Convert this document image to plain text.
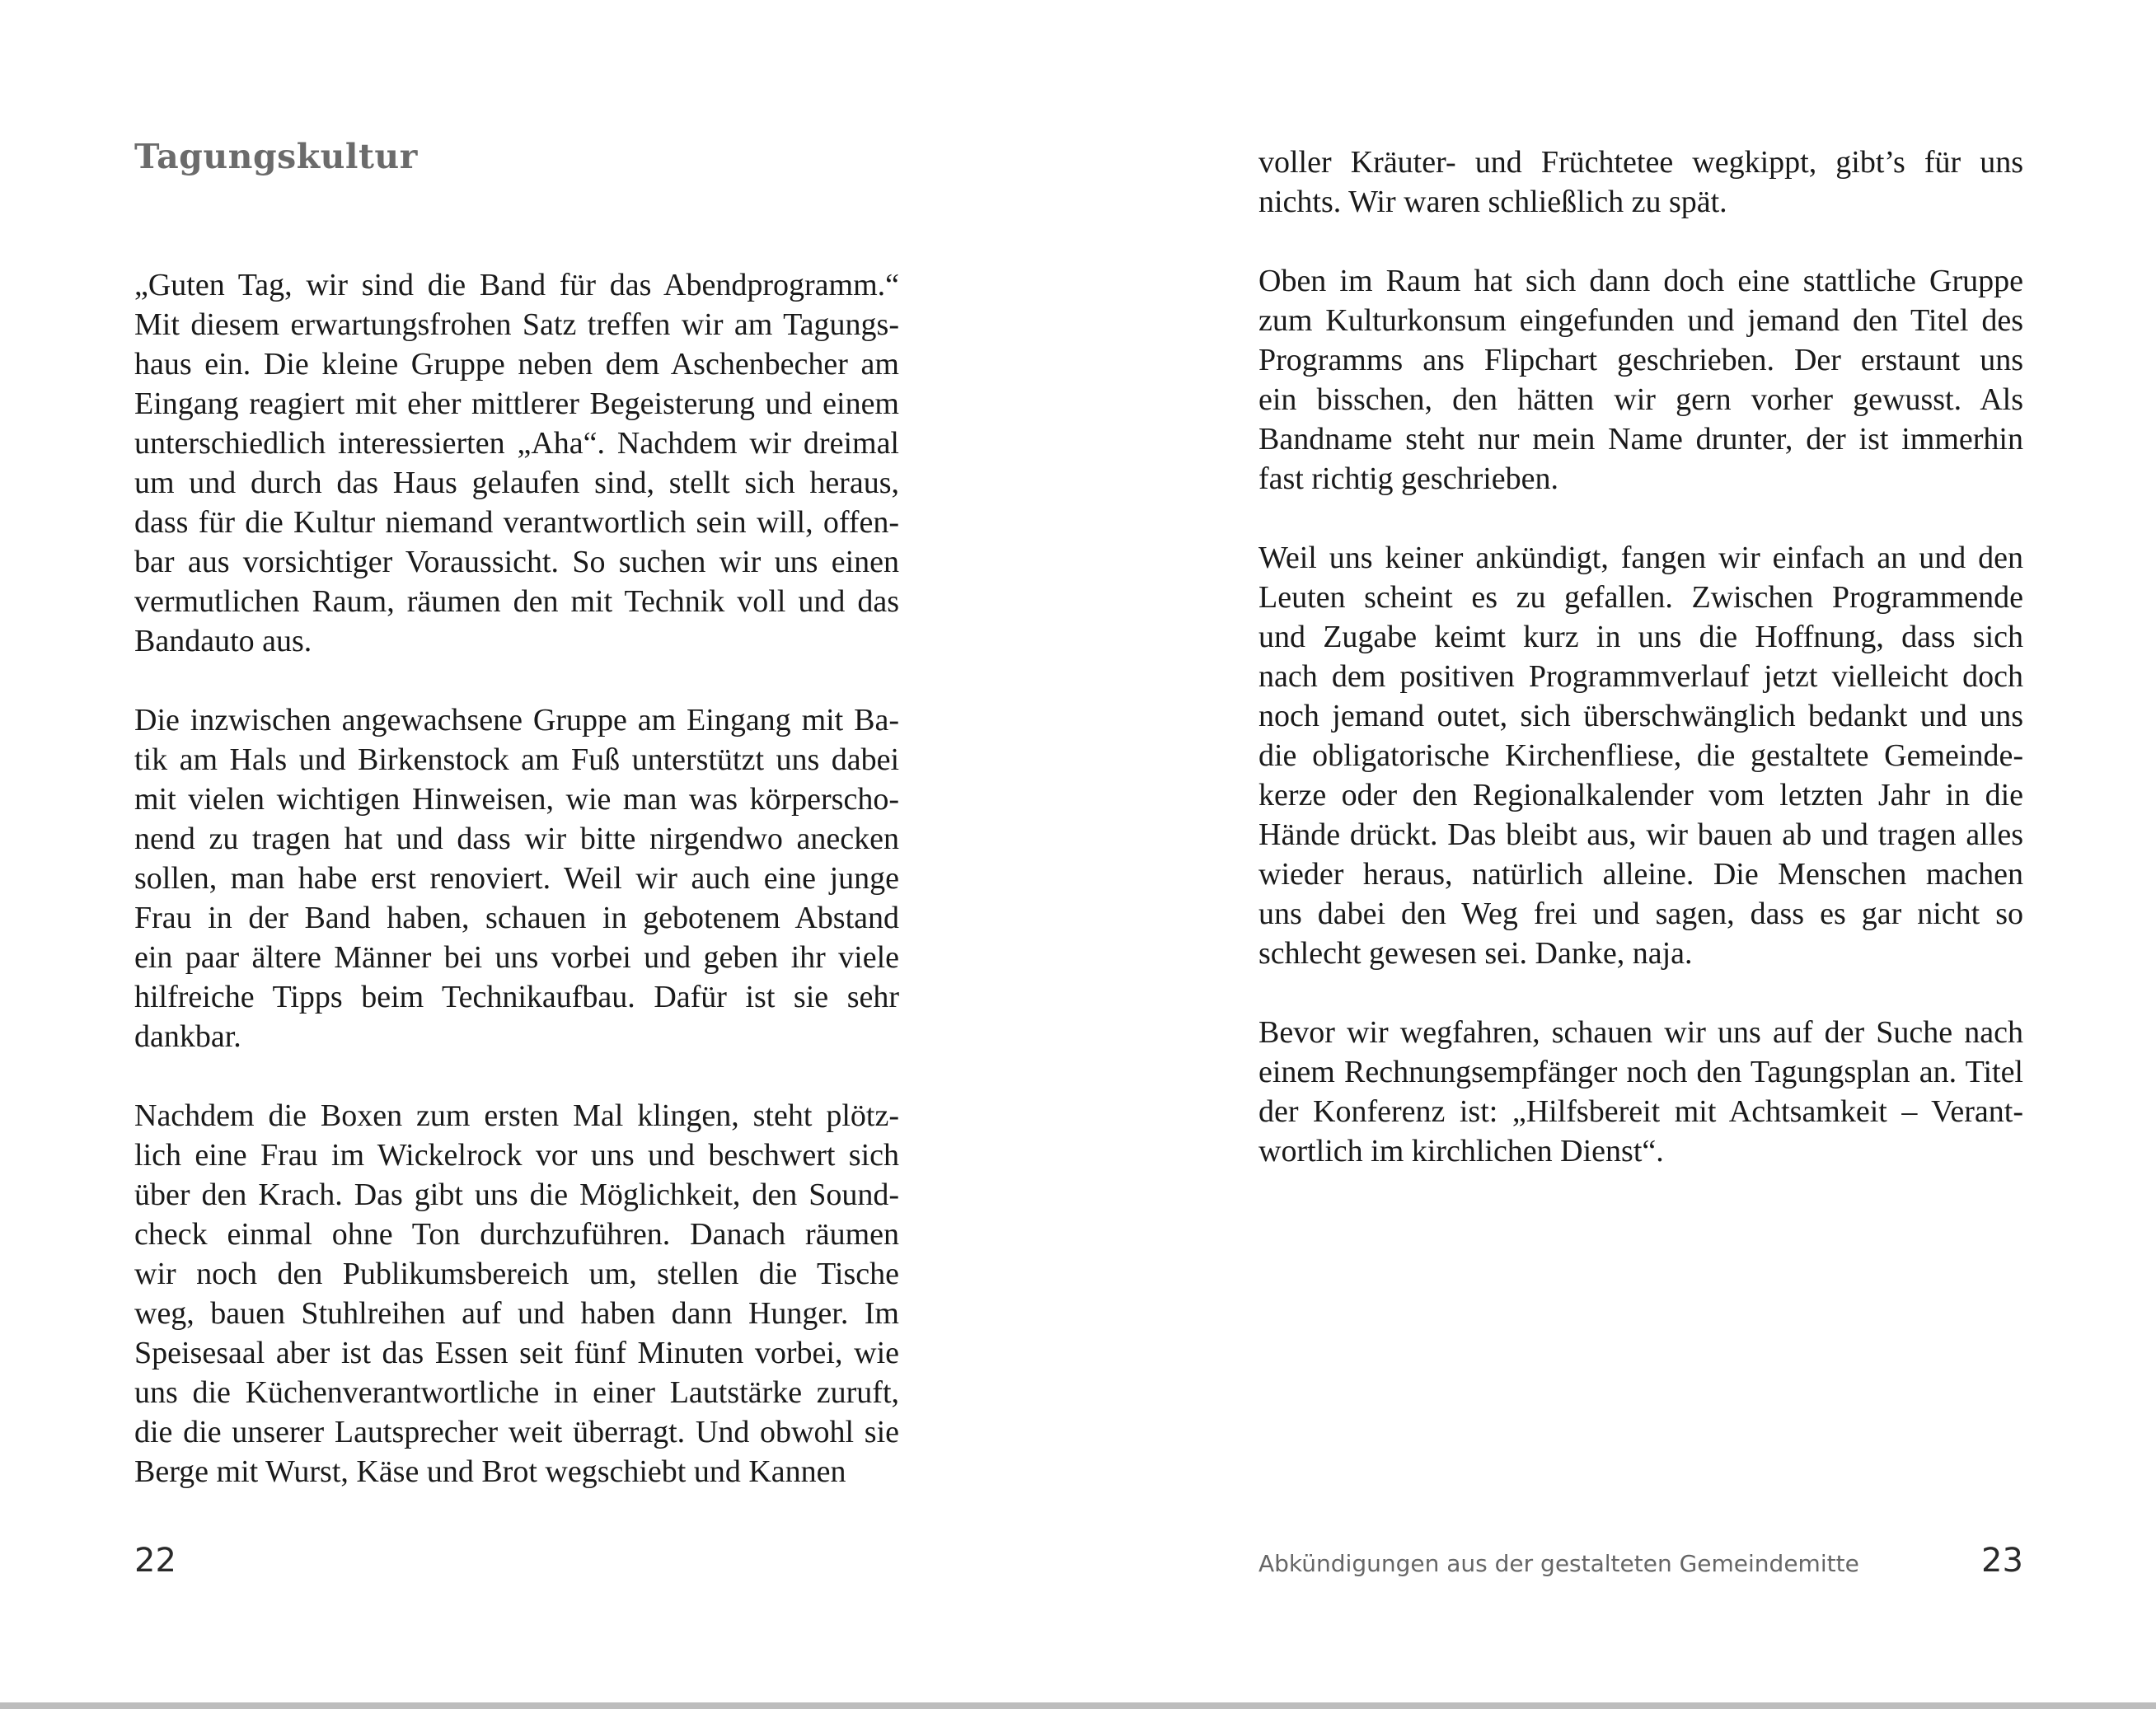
Tagungskultur
„Guten Tag, wir sind die Band für das Abendprogramm.“
Mit diesem erwartungsfrohen Satz treffen wir am Tagungs-
haus ein. Die kleine Gruppe neben dem Aschenbecher am
Eingang reagiert mit eher mittlerer Begeisterung und einem
unterschiedlich interessierten „Aha“. Nachdem wir dreimal
um und durch das Haus gelaufen sind, stellt sich heraus,
dass für die Kultur niemand verantwortlich sein will, offen-
bar aus vorsichtiger Voraussicht. So suchen wir uns einen
vermutlichen Raum, räumen den mit Technik voll und das
Bandauto aus.
Die inzwischen angewachsene Gruppe am Eingang mit Ba-
tik am Hals und Birkenstock am Fuß unterstützt uns dabei
mit vielen wichtigen Hinweisen, wie man was körperscho-
nend zu tragen hat und dass wir bitte nirgendwo anecken
sollen, man habe erst renoviert. Weil wir auch eine junge
Frau in der Band haben, schauen in gebotenem Abstand
ein paar ältere Männer bei uns vorbei und geben ihr viele
hilfreiche Tipps beim Technikaufbau. Dafür ist sie sehr
dankbar.
Nachdem die Boxen zum ersten Mal klingen, steht plötz-
lich eine Frau im Wickelrock vor uns und beschwert sich
über den Krach. Das gibt uns die Möglichkeit, den Sound-
check einmal ohne Ton durchzuführen. Danach räumen
wir noch den Publikumsbereich um, stellen die Tische
weg, bauen Stuhlreihen auf und haben dann Hunger. Im
Speisesaal aber ist das Essen seit fünf Minuten vorbei, wie
uns die Küchenverantwortliche in einer Lautstärke zuruft,
die die unserer Lautsprecher weit überragt. Und obwohl sie
Berge mit Wurst, Käse und Brot wegschiebt und Kannen
22
voller Kräuter- und Früchtetee wegkippt, gibt’s für uns
nichts. Wir waren schließlich zu spät.
Oben im Raum hat sich dann doch eine stattliche Gruppe
zum Kulturkonsum eingefunden und jemand den Titel des
Programms ans Flipchart geschrieben. Der erstaunt uns
ein bisschen, den hätten wir gern vorher gewusst. Als
Bandname steht nur mein Name drunter, der ist immerhin
fast richtig geschrieben.
Weil uns keiner ankündigt, fangen wir einfach an und den
Leuten scheint es zu gefallen. Zwischen Programmende
und Zugabe keimt kurz in uns die Hoffnung, dass sich
nach dem positiven Programmverlauf jetzt vielleicht doch
noch jemand outet, sich überschwänglich bedankt und uns
die obligatorische Kirchenfliese, die gestaltete Gemeinde-
kerze oder den Regionalkalender vom letzten Jahr in die
Hände drückt. Das bleibt aus, wir bauen ab und tragen alles
wieder heraus, natürlich alleine. Die Menschen machen
uns dabei den Weg frei und sagen, dass es gar nicht so
schlecht gewesen sei. Danke, naja.
Bevor wir wegfahren, schauen wir uns auf der Suche nach
einem Rechnungsempfänger noch den Tagungsplan an. Titel
der Konferenz ist: „Hilfsbereit mit Achtsamkeit – Verant-
wortlich im kirchlichen Dienst“.
Abkündigungen aus der gestalteten Gemeindemitte	23
